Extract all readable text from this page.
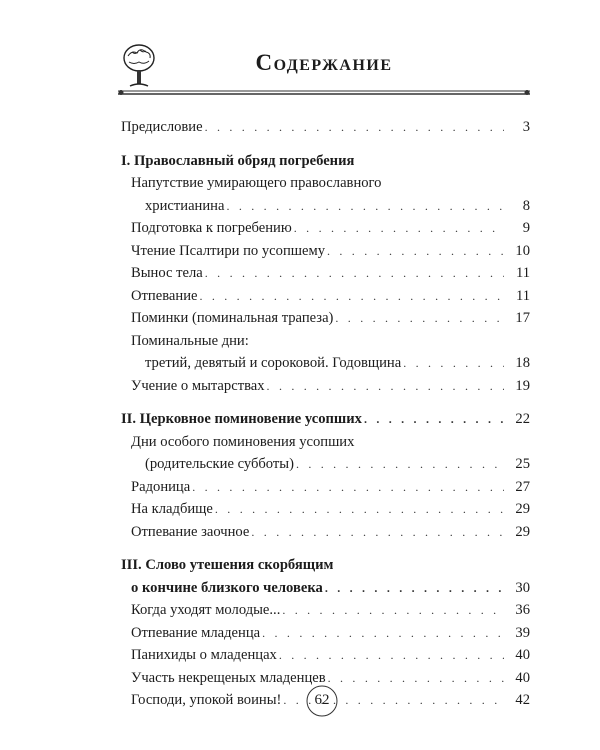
Содержание
Предисловие . . .	3
I. Православный обряд погребения
Напутствие умирающего православного
христианина . . .	8
Подготовка к погребению . . .	9
Чтение Псалтири по усопшему . . .	10
Вынос тела . . .	11
Отпевание . . .	11
Поминки (поминальная трапеза) . . .	17
Поминальные дни:
третий, девятый и сороковой. Годовщина . . .	18
Учение о мытарствах . . .	19
II. Церковное поминовение усопших . . .	22
Дни особого поминовения усопших
(родительские субботы) . . .	25
Радоница . . .	27
На кладбище . . .	29
Отпевание заочное . . .	29
III. Слово утешения скорбящим
о кончине близкого человека . . .	30
Когда уходят молодые... . . .	36
Отпевание младенца . . .	39
Панихиды о младенцах . . .	40
Участь некрещеных младенцев . . .	40
Господи, упокой воины! . . .	42
62
